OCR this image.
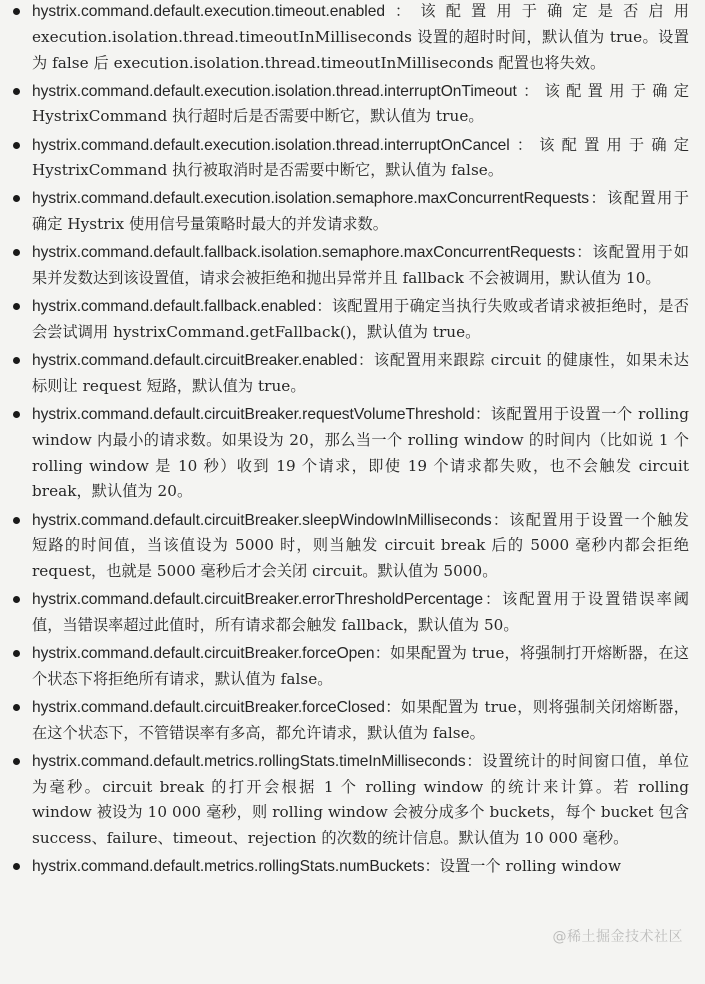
hystrix.command.default.execution.timeout.enabled：该配置用于确定是否启用 execution.isolation.thread.timeoutInMilliseconds 设置的超时时间，默认值为 true。设置为 false 后 execution.isolation.thread.timeoutInMilliseconds 配置也将失效。
hystrix.command.default.execution.isolation.thread.interruptOnTimeout：该配置用于确定 HystrixCommand 执行超时后是否需要中断它，默认值为 true。
hystrix.command.default.execution.isolation.thread.interruptOnCancel：该配置用于确定 HystrixCommand 执行被取消时是否需要中断它，默认值为 false。
hystrix.command.default.execution.isolation.semaphore.maxConcurrentRequests：该配置用于确定 Hystrix 使用信号量策略时最大的并发请求数。
hystrix.command.default.fallback.isolation.semaphore.maxConcurrentRequests：该配置用于如果并发数达到该设置值，请求会被拒绝和抛出异常并且 fallback 不会被调用，默认值为 10。
hystrix.command.default.fallback.enabled：该配置用于确定当执行失败或者请求被拒绝时，是否会尝试调用 hystrixCommand.getFallback()，默认值为 true。
hystrix.command.default.circuitBreaker.enabled：该配置用来跟踪 circuit 的健康性，如果未达标则让 request 短路，默认值为 true。
hystrix.command.default.circuitBreaker.requestVolumeThreshold：该配置用于设置一个 rolling window 内最小的请求数。如果设为 20，那么当一个 rolling window 的时间内（比如说 1 个 rolling window 是 10 秒）收到 19 个请求，即使 19 个请求都失败，也不会触发 circuit break，默认值为 20。
hystrix.command.default.circuitBreaker.sleepWindowInMilliseconds：该配置用于设置一个触发短路的时间值，当该值设为 5000 时，则当触发 circuit break 后的 5000 毫秒内都会拒绝 request，也就是 5000 毫秒后才会关闭 circuit。默认值为 5000。
hystrix.command.default.circuitBreaker.errorThresholdPercentage：该配置用于设置错误率阈值，当错误率超过此值时，所有请求都会触发 fallback，默认值为 50。
hystrix.command.default.circuitBreaker.forceOpen：如果配置为 true，将强制打开熔断器，在这个状态下将拒绝所有请求，默认值为 false。
hystrix.command.default.circuitBreaker.forceClosed：如果配置为 true，则将强制关闭熔断器，在这个状态下，不管错误率有多高，都允许请求，默认值为 false。
hystrix.command.default.metrics.rollingStats.timeInMilliseconds：设置统计的时间窗口值，单位为毫秒。circuit break 的打开会根据 1 个 rolling window 的统计来计算。若 rolling window 被设为 10 000 毫秒，则 rolling window 会被分成多个 buckets，每个 bucket 包含 success、failure、timeout、rejection 的次数的统计信息。默认值为 10 000 毫秒。
hystrix.command.default.metrics.rollingStats.numBuckets：设置一个 rolling window
@稀土掘金技术社区
